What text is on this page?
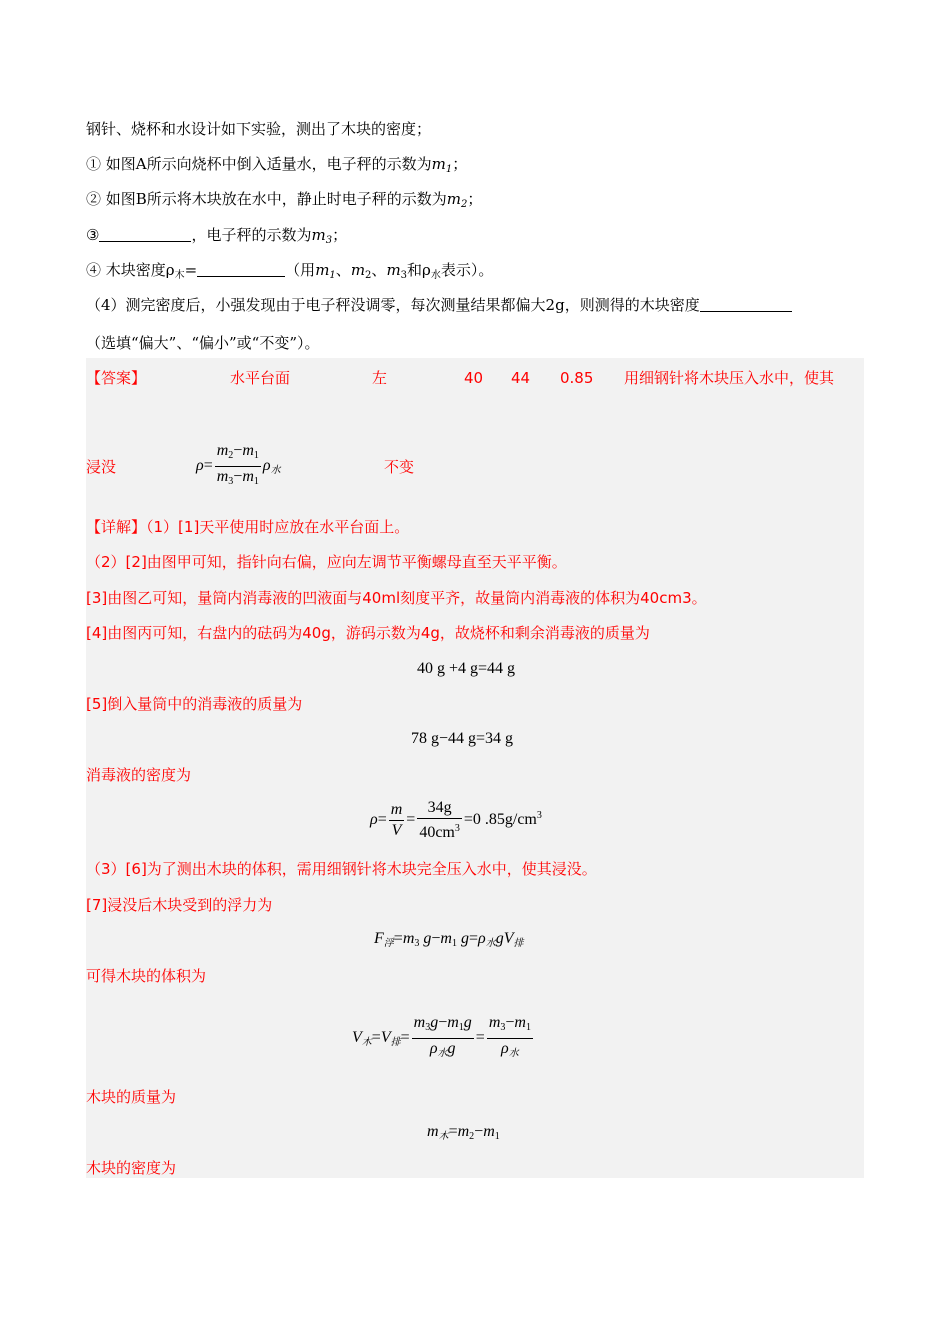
钢针、烧杯和水设计如下实验，测出了木块的密度；
① 如图A所示向烧杯中倒入适量水，电子秤的示数为$m_1$；
② 如图B所示将木块放在水中，静止时电子秤的示数为$m_2$；
③	，电子秤的示数为$m_3$；
④ 木块密度$\rho_木=$	（用$m_1$、$m_2$、$m_3$和$\rho_水$表示）。
（4）测完密度后，小强发现由于电子秤没调零，每次测量结果都偏大2g，则测得的木块密度
（选填“偏大”、“偏小”或“不变”）。
【答案】	水平台面	左	40 44 0.85 用细钢针将木块压入水中，使其
浸没	$\rho= \frac{m_2-m_1}{m_3-m_1} \rho_水$	不变
【详解】（1）[1]天平使用时应放在水平台面上。
（2）[2]由图甲可知，指针向右偏，应向左调节平衡螺母直至天平平衡。
[3]由图乙可知，量筒内消毒液的凹液面与40ml刻度平齐，故量筒内消毒液的体积为40cm3。
[4]由图丙可知，右盘内的砝码为40g，游码示数为4g，故烧杯和剩余消毒液的质量为
40 g +4 g=44 g
[5]倒入量筒中的消毒液的质量为
78 g−44 g=34 g
消毒液的密度为
$\rho= \frac{m}{V} = \frac{34g}{40cm^3} =0$ $.85g/cm^3$
（3）[6]为了测出木块的体积，需用细钢针将木块完全压入水中，使其浸没。
[7]浸没后木块受到的浮力为
$F_浮=m_3$ $g-m_1$ $g=\rho_水gV_排$
可得木块的体积为
$V_木=V_排= \frac{m_3g-m_1g}{\rho_水g} = \frac{m_3-m_1}{\rho_水}$
木块的质量为
$m_木=m_2-m_1$
木块的密度为
